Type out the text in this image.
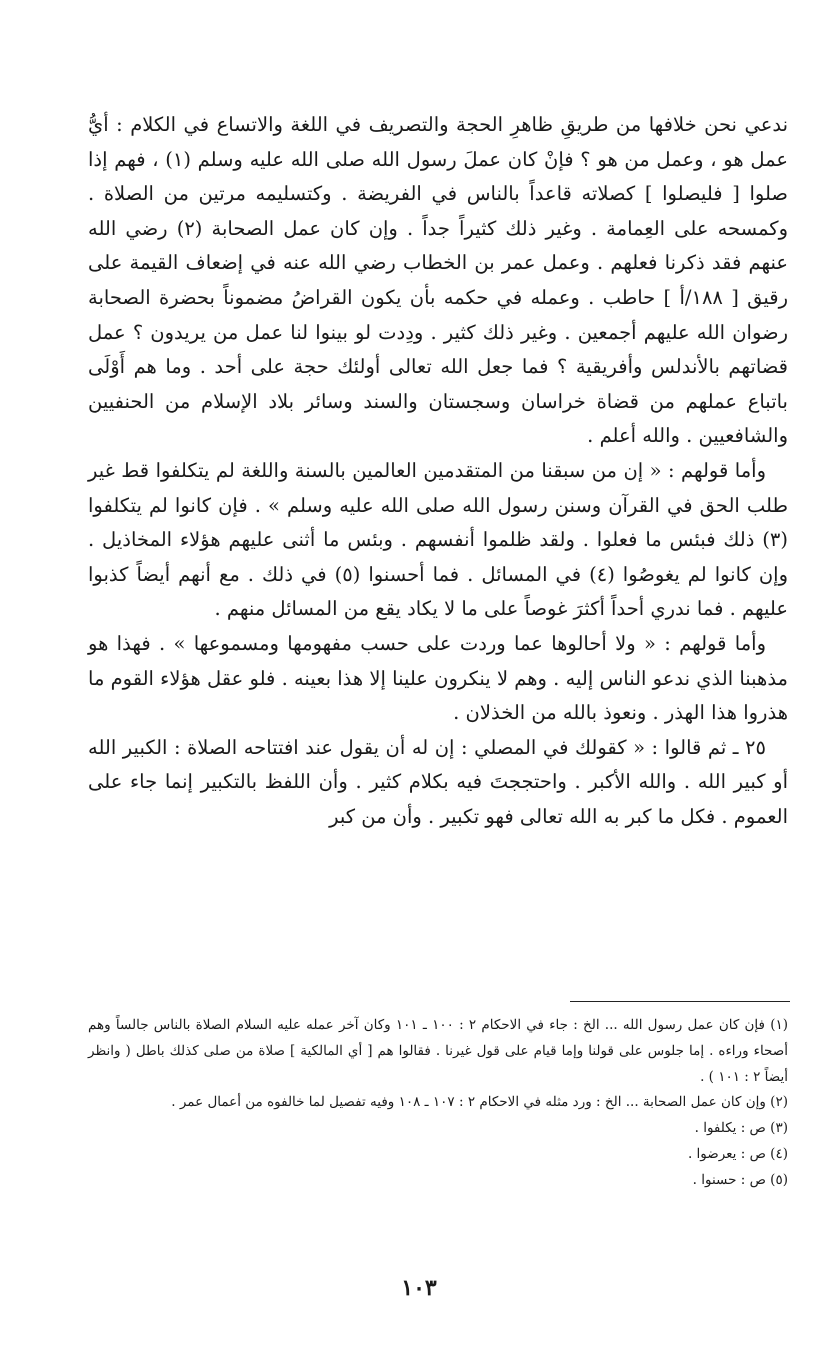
ندعي نحن خلافها من طريقِ ظاهرِ الحجة والتصريف في اللغة والاتساع في الكلام : أيُّ عمل هو ، وعمل من هو ؟ فإنْ كان عملَ رسول الله صلى الله عليه وسلم (١) ، فهم إذا صلوا [ فليصلوا ] كصلاته قاعداً بالناس في الفريضة . وكتسليمه مرتين من الصلاة . وكمسحه على العِمامة . وغير ذلك كثيراً جداً . وإن كان عمل الصحابة (٢) رضي الله عنهم فقد ذكرنا فعلهم . وعمل عمر بن الخطاب رضي الله عنه في إضعاف القيمة على رقيق [ ١٨٨/أ ] حاطب . وعمله في حكمه بأن يكون القراضُ مضموناً بحضرة الصحابة رضوان الله عليهم أجمعين . وغير ذلك كثير . ودِدت لو بينوا لنا عمل من يريدون ؟ عمل قضاتهم بالأندلس وأفريقية ؟ فما جعل الله تعالى أولئك حجة على أحد . وما هم أَوْلَى باتباع عملهم من قضاة خراسان وسجستان والسند وسائر بلاد الإسلام من الحنفيين والشافعيين . والله أعلم .

وأما قولهم : « إن من سبقنا من المتقدمين العالمين بالسنة واللغة لم يتكلفوا قط غير طلب الحق في القرآن وسنن رسول الله صلى الله عليه وسلم » . فإن كانوا لم يتكلفوا (٣) ذلك فبئس ما فعلوا . ولقد ظلموا أنفسهم . وبئس ما أثنى عليهم هؤلاء المخاذيل . وإن كانوا لم يغوصُوا (٤) في المسائل . فما أحسنوا (٥) في ذلك . مع أنهم أيضاً كذبوا عليهم . فما ندري أحداً أكثرَ غوصاً على ما لا يكاد يقع من المسائل منهم .

وأما قولهم : « ولا أحالوها عما وردت على حسب مفهومها ومسموعها » . فهذا هو مذهبنا الذي ندعو الناس إليه . وهم لا ينكرون علينا إلا هذا بعينه . فلو عقل هؤلاء القوم ما هذروا هذا الهذر . ونعوذ بالله من الخذلان .

٢٥ ـ ثم قالوا : « كقولك في المصلي : إن له أن يقول عند افتتاحه الصلاة : الكبير الله أو كبير الله . والله الأكبر . واحتججتَ فيه بكلام كثير . وأن اللفظ بالتكبير إنما جاء على العموم . فكل ما كبر به الله تعالى فهو تكبير . وأن من كبر

(١) فإن كان عمل رسول الله ... الخ : جاء في الاحكام ٢ : ١٠٠ ـ ١٠١ وكان آخر عمله عليه السلام الصلاة بالناس جالساً وهم أصحاء وراءه . إما جلوس على قولنا وإما قيام على قول غيرنا . فقالوا هم [ أي المالكية ] صلاة من صلى كذلك باطل ( وانظر أيضاً ٢ : ١٠١ ) .

(٢) وإن كان عمل الصحابة ... الخ : ورد مثله في الاحكام ٢ : ١٠٧ ـ ١٠٨ وفيه تفصيل لما خالفوه من أعمال عمر .

(٣) ص : يكلفوا .

(٤) ص : يعرضوا .

(٥) ص : حسنوا .

١٠٣
